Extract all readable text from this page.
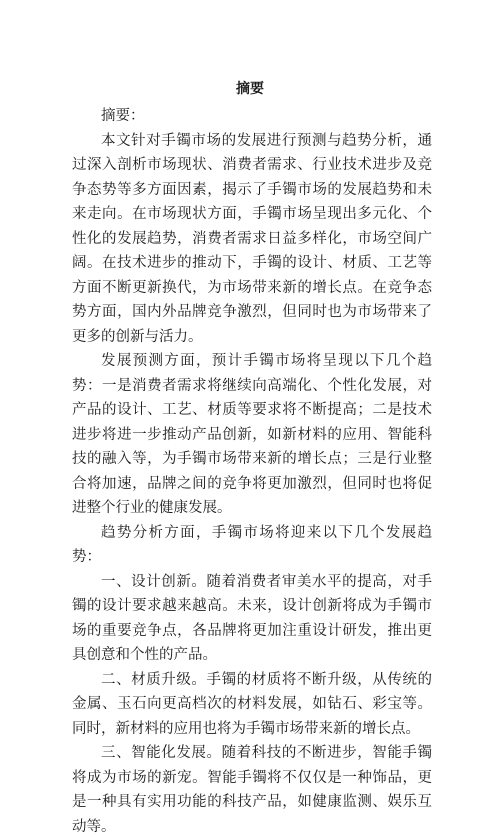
摘要

摘要：

本文针对手镯市场的发展进行预测与趋势分析，通过深入剖析市场现状、消费者需求、行业技术进步及竞争态势等多方面因素，揭示了手镯市场的发展趋势和未来走向。在市场现状方面，手镯市场呈现出多元化、个性化的发展趋势，消费者需求日益多样化，市场空间广阔。在技术进步的推动下，手镯的设计、材质、工艺等方面不断更新换代，为市场带来新的增长点。在竞争态势方面，国内外品牌竞争激烈，但同时也为市场带来了更多的创新与活力。

发展预测方面，预计手镯市场将呈现以下几个趋势：一是消费者需求将继续向高端化、个性化发展，对产品的设计、工艺、材质等要求将不断提高；二是技术进步将进一步推动产品创新，如新材料的应用、智能科技的融入等，为手镯市场带来新的增长点；三是行业整合将加速，品牌之间的竞争将更加激烈，但同时也将促进整个行业的健康发展。

趋势分析方面，手镯市场将迎来以下几个发展趋势：

一、设计创新。随着消费者审美水平的提高，对手镯的设计要求越来越高。未来，设计创新将成为手镯市场的重要竞争点，各品牌将更加注重设计研发，推出更具创意和个性的产品。

二、材质升级。手镯的材质将不断升级，从传统的金属、玉石向更高档次的材料发展，如钻石、彩宝等。同时，新材料的应用也将为手镯市场带来新的增长点。

三、智能化发展。随着科技的不断进步，智能手镯将成为市场的新宠。智能手镯将不仅仅是一种饰品，更是一种具有实用功能的科技产品，如健康监测、娱乐互动等。
